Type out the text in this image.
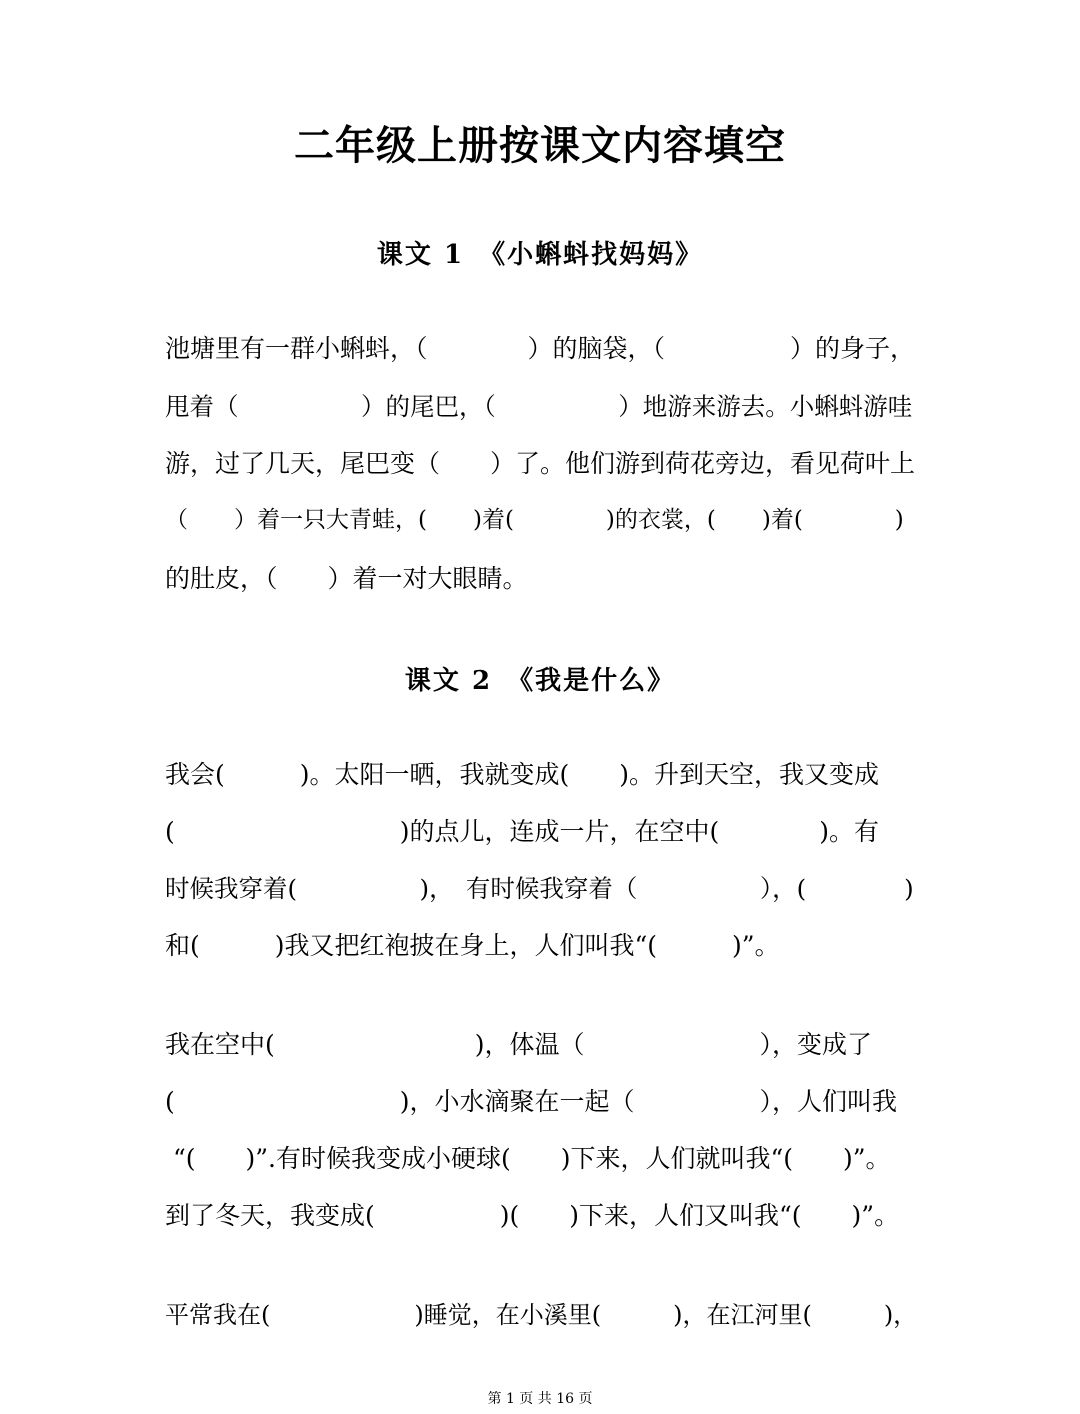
二年级上册按课文内容填空
课文 1　《小蝌蚪找妈妈》
池塘里有一群小蝌蚪，（　　　　）的脑袋，（　　　　　）的身子，
甩着（　　　　　）的尾巴，（　　　　　）地游来游去。小蝌蚪游哇
游，过了几天，尾巴变（　　）了。他们游到荷花旁边，看见荷叶上
（　　）着一只大青蛙，(　　)着(　　　　)的衣裳，(　　)着(　　　　)
的肚皮，（　　）着一对大眼睛。
课文 2　《我是什么》
我会(　　　)。太阳一晒，我就变成(　　)。升到天空，我又变成
(　　　　　　　　　)的点儿，连成一片，在空中(　　　　)。有
时候我穿着(　　　　　)，　有时候我穿着（　　　　　），(　　　　)
和(　　　)我又把红袍披在身上，人们叫我“(　　　)”。
我在空中(　　　　　　　　)，体温（　　　　　　　），变成了
(　　　　　　　　　)，小水滴聚在一起（　　　　　），人们叫我
“(　　)”.有时候我变成小硬球(　　)下来，人们就叫我“(　　)”。
到了冬天，我变成(　　　　　)(　　)下来，人们又叫我“(　　)”。
平常我在(　　　　　　)睡觉，在小溪里(　　　)，在江河里(　　　)，
第 1 页 共 16 页
